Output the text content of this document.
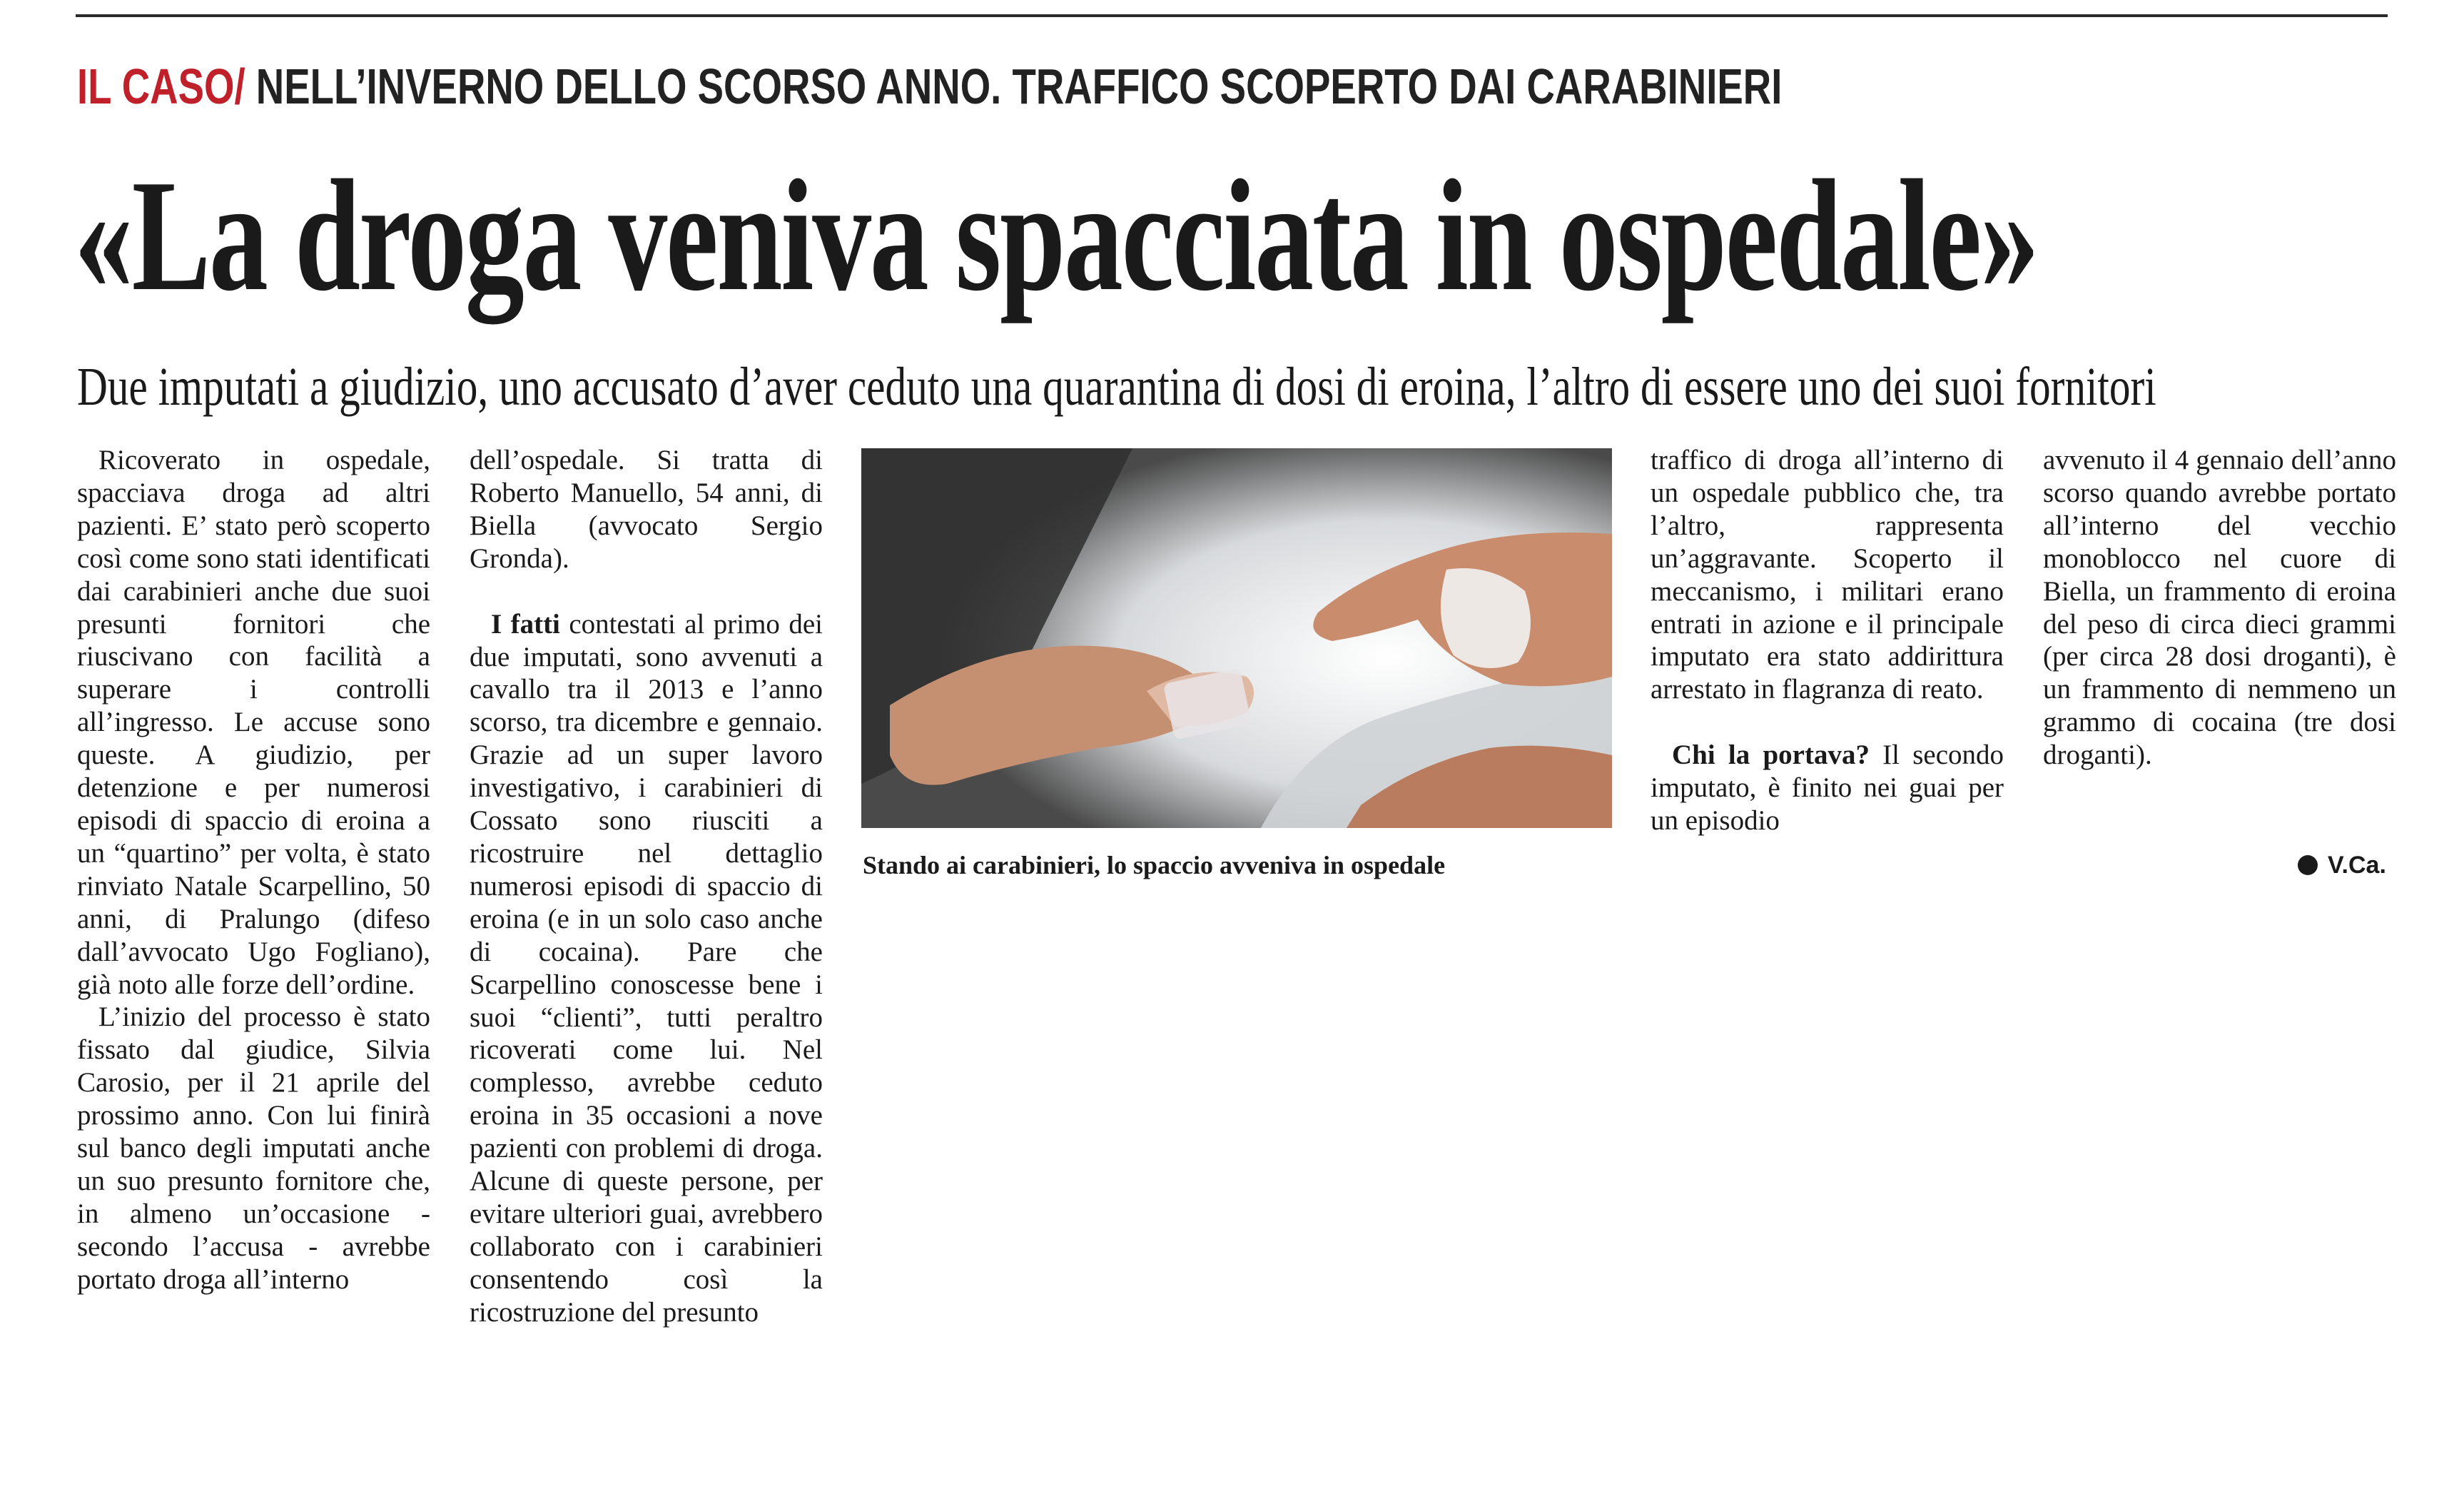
IL CASO/ NELL’INVERNO DELLO SCORSO ANNO. TRAFFICO SCOPERTO DAI CARABINIERI
«La droga veniva spacciata in ospedale»
Due imputati a giudizio, uno accusato d’aver ceduto una quarantina di dosi di eroina, l’altro di essere uno dei suoi fornitori

Ricoverato in ospedale, spacciava droga ad altri pazienti. E’ stato però scoperto così come sono stati identificati dai carabinieri anche due suoi presunti fornitori che riuscivano con facilità a superare i controlli all’ingresso. Le accuse sono queste. A giudizio, per detenzione e per numerosi episodi di spaccio di eroina a un “quartino” per volta, è stato rinviato Natale Scarpellino, 50 anni, di Pralungo (difeso dall’avvocato Ugo Fogliano), già noto alle forze dell’ordine.

L’inizio del processo è stato fissato dal giudice, Silvia Carosio, per il 21 aprile del prossimo anno. Con lui finirà sul banco degli imputati anche un suo presunto fornitore che, in almeno un’occasione - secondo l’accusa - avrebbe portato droga all’interno

dell’ospedale. Si tratta di Roberto Manuello, 54 anni, di Biella (avvocato Sergio Gronda).

I fatti contestati al primo dei due imputati, sono avvenuti a cavallo tra il 2013 e l’anno scorso, tra dicembre e gennaio. Grazie ad un super lavoro investigativo, i carabinieri di Cossato sono riusciti a ricostruire nel dettaglio numerosi episodi di spaccio di eroina (e in un solo caso anche di cocaina). Pare che Scarpellino conoscesse bene i suoi “clienti”, tutti peraltro ricoverati come lui. Nel complesso, avrebbe ceduto eroina in 35 occasioni a nove pazienti con problemi di droga. Alcune di queste persone, per evitare ulteriori guai, avrebbero collaborato con i carabinieri consentendo così la ricostruzione del presunto

Stando ai carabinieri, lo spaccio avveniva in ospedale

traffico di droga all’interno di un ospedale pubblico che, tra l’altro, rappresenta un’aggravante. Scoperto il meccanismo, i militari erano entrati in azione e il principale imputato era stato addirittura arrestato in flagranza di reato.

Chi la portava? Il secondo imputato, è finito nei guai per un episodio

avvenuto il 4 gennaio dell’anno scorso quando avrebbe portato all’interno del vecchio monoblocco nel cuore di Biella, un frammento di eroina del peso di circa dieci grammi (per circa 28 dosi droganti), è un frammento di nemmeno un grammo di cocaina (tre dosi droganti).

V.Ca.
